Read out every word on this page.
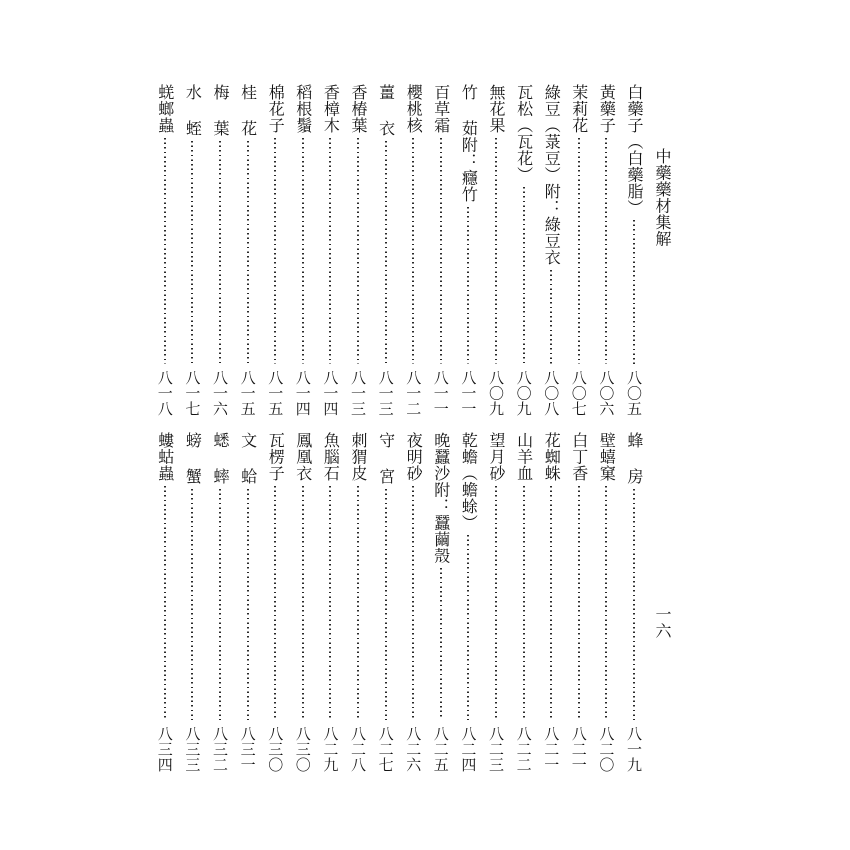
中藥藥材集解
一六
白藥子（白藥脂）
八〇五
黃藥子
八〇六
茉莉花
八〇七
綠豆（菉豆）附：綠豆衣
八〇八
瓦松（瓦花）
八〇九
無花果
八〇九
竹 茹附：癮竹
八一一
百草霜
八一一
櫻桃核
八一二
薑 衣
八一三
香椿葉
八一三
香樟木
八一四
稻根鬚
八一四
棉花子
八一五
桂 花
八一五
梅 葉
八一六
水 蛭
八一七
蜣螂蟲
八一八
蜂 房
八一九
壁蟢窠
八二〇
白丁香
八二一
花蜘蛛
八二一
山羊血
八二二
望月砂
八二三
乾蟾（蟾蜍）
八二四
晚蠶沙附：蠶繭殼
八二五
夜明砂
八二六
守 宮
八二七
刺猬皮
八二八
魚腦石
八二九
鳳凰衣
八三〇
瓦楞子
八三〇
文 蛤
八三一
蟋 蟀
八三二
螃 蟹
八三三
螻蛄蟲
八三四
